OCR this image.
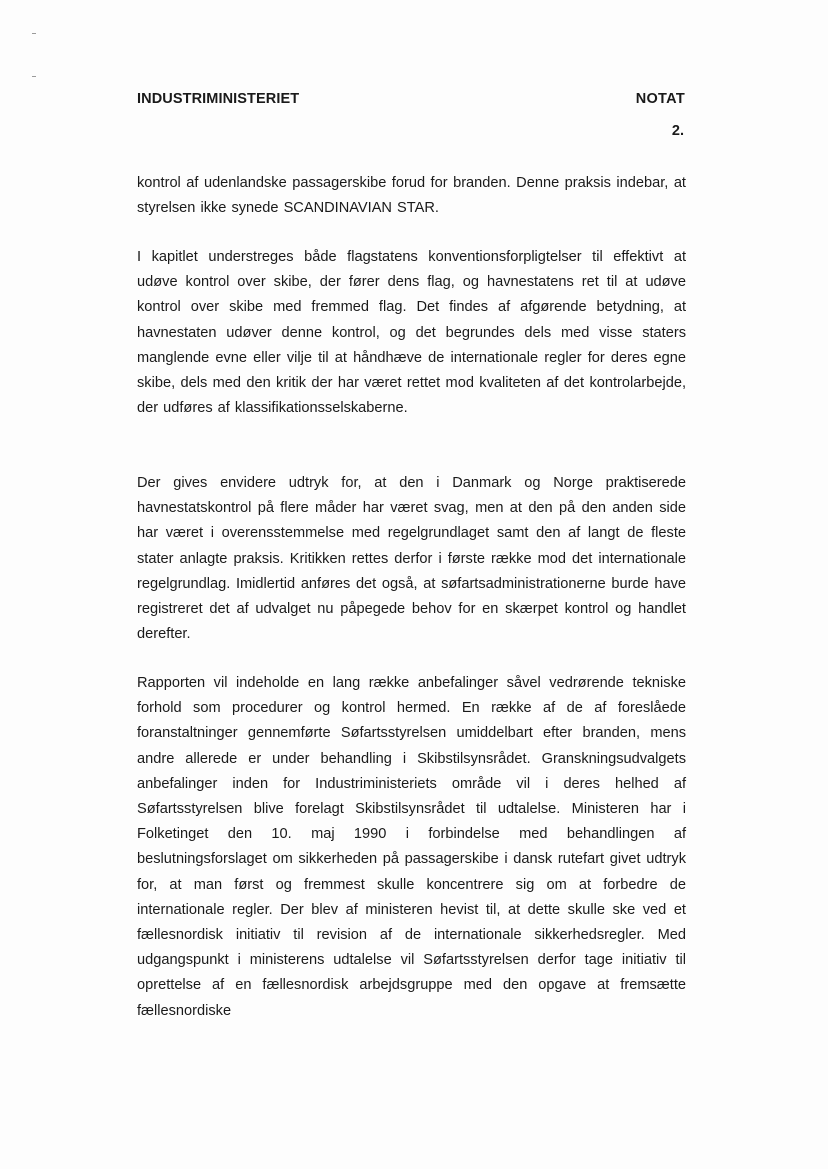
INDUSTRIMINISTERIET	NOTAT
2.

kontrol af udenlandske passagerskibe forud for branden. Denne praksis indebar, at styrelsen ikke synede SCANDINAVIAN STAR.

I kapitlet understreges både flagstatens konventionsforpligtelser til effektivt at udøve kontrol over skibe, der fører dens flag, og havnestatens ret til at udøve kontrol over skibe med fremmed flag. Det findes af afgørende betydning, at havnestaten udøver denne kontrol, og det begrundes dels med visse staters manglende evne eller vilje til at håndhæve de internationale regler for deres egne skibe, dels med den kritik der har været rettet mod kvaliteten af det kontrolarbejde, der udføres af klassifikationsselskaberne.

Der gives envidere udtryk for, at den i Danmark og Norge praktiserede havnestatskontrol på flere måder har været svag, men at den på den anden side har været i overensstemmelse med regelgrundlaget samt den af langt de fleste stater anlagte praksis. Kritikken rettes derfor i første række mod det internationale regelgrundlag. Imidlertid anføres det også, at søfartsadministrationerne burde have registreret det af udvalget nu påpegede behov for en skærpet kontrol og handlet derefter.

Rapporten vil indeholde en lang række anbefalinger såvel vedrørende tekniske forhold som procedurer og kontrol hermed. En række af de af foreslåede foranstaltninger gennemførte Søfartsstyrelsen umiddelbart efter branden, mens andre allerede er under behandling i Skibstilsynsrådet. Granskningsudvalgets anbefalinger inden for Industriministeriets område vil i deres helhed af Søfartsstyrelsen blive forelagt Skibstilsynsrådet til udtalelse. Ministeren har i Folketinget den 10. maj 1990 i forbindelse med behandlingen af beslutningsforslaget om sikkerheden på passagerskibe i dansk rutefart givet udtryk for, at man først og fremmest skulle koncentrere sig om at forbedre de internationale regler. Der blev af ministeren hevist til, at dette skulle ske ved et fællesnordisk initiativ til revision af de internationale sikkerhedsregler. Med udgangspunkt i ministerens udtalelse vil Søfartsstyrelsen derfor tage initiativ til oprettelse af en fællesnordisk arbejdsgruppe med den opgave at fremsætte fællesnordiske
